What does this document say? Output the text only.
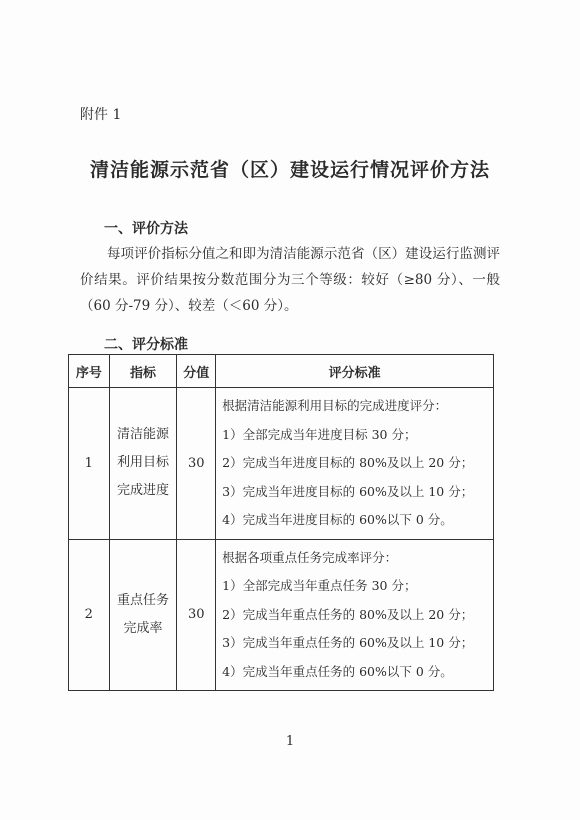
附件 1
清洁能源示范省（区）建设运行情况评价方法
一、评价方法
每项评价指标分值之和即为清洁能源示范省（区）建设运行监测评价结果。评价结果按分数范围分为三个等级：较好（≥80 分）、一般（60 分-79 分）、较差（＜60 分）。
二、评分标准
序号	指标	分值	评分标准
1	清洁能源
利用目标
完成进度	30	根据清洁能源利用目标的完成进度评分：
1）全部完成当年进度目标 30 分；
2）完成当年进度目标的 80%及以上 20 分；
3）完成当年进度目标的 60%及以上 10 分；
4）完成当年进度目标的 60%以下 0 分。

2	重点任务
完成率	30	根据各项重点任务完成率评分：
1）全部完成当年重点任务 30 分；
2）完成当年重点任务的 80%及以上 20 分；
3）完成当年重点任务的 60%及以上 10 分；
4）完成当年重点任务的 60%以下 0 分。
1
